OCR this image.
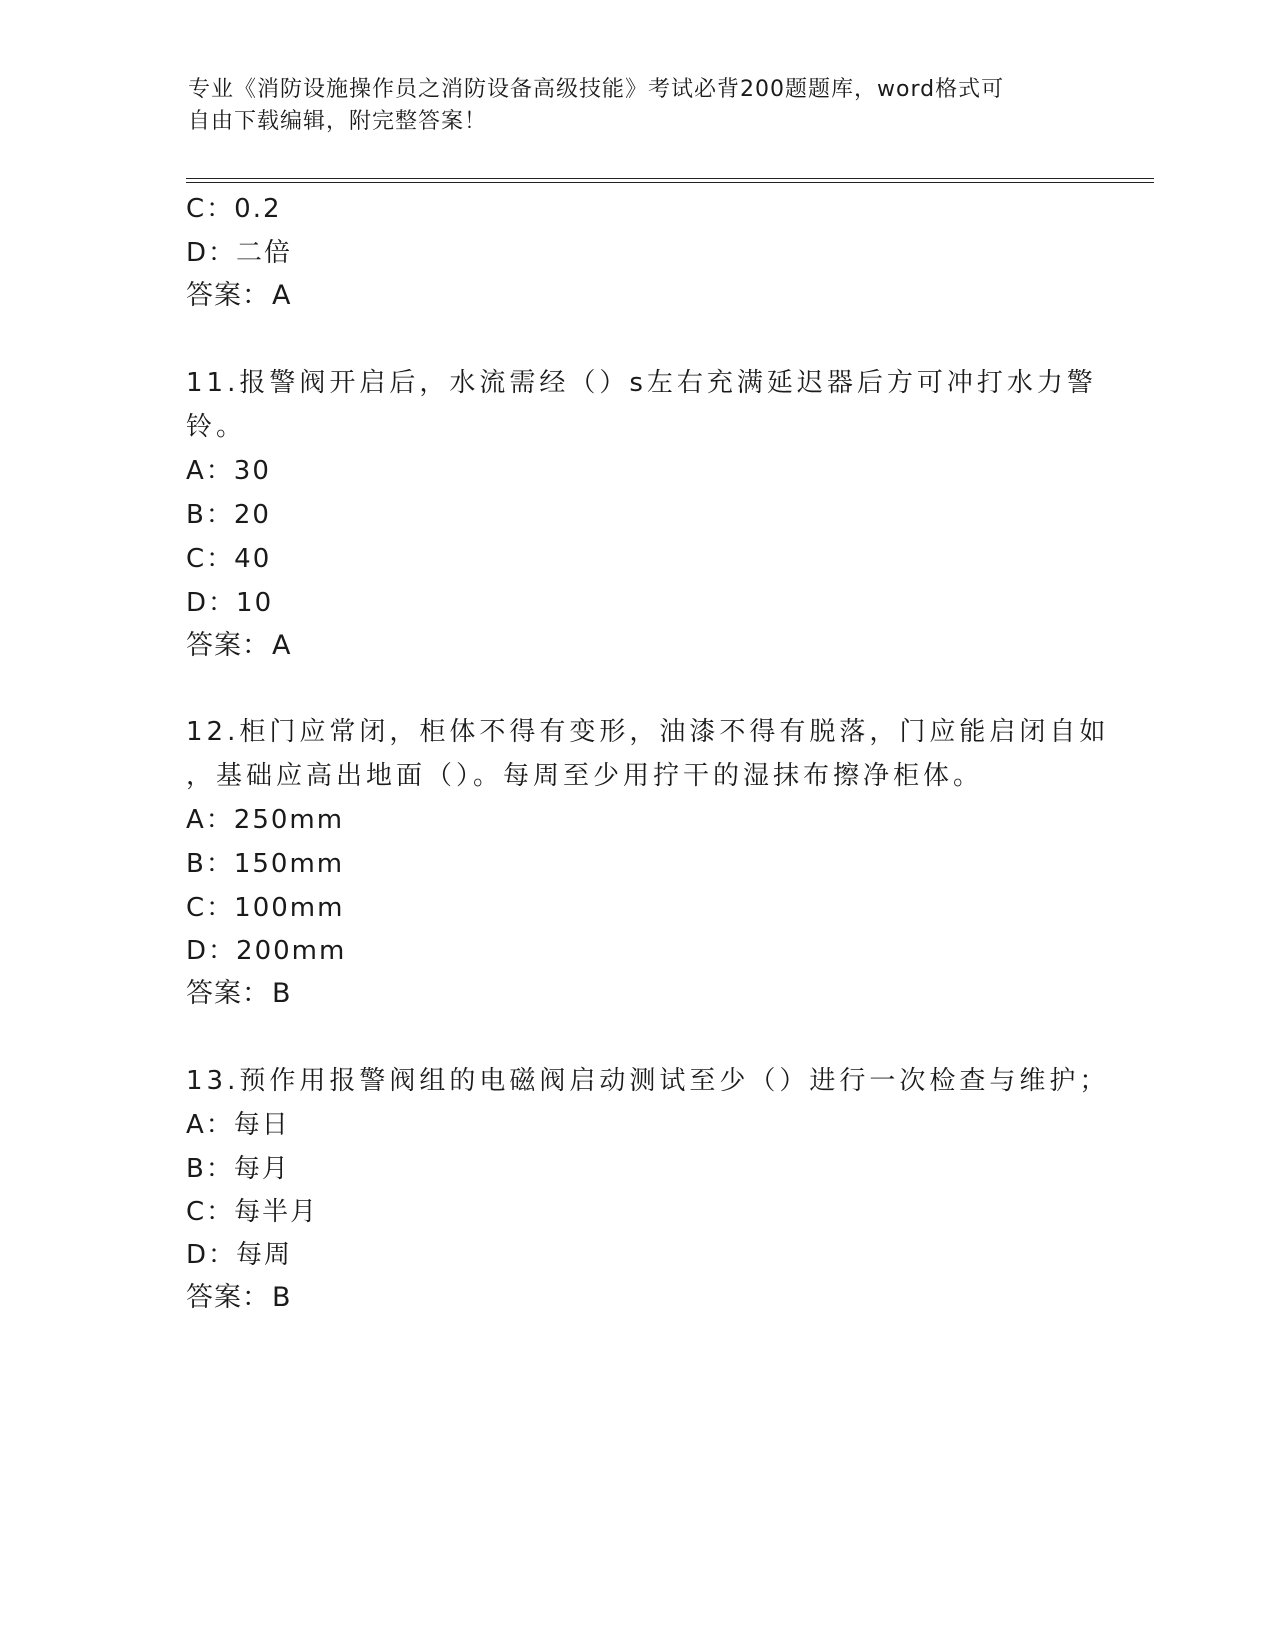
专业《消防设施操作员之消防设备高级技能》考试必背200题题库，word格式可
自由下载编辑，附完整答案！
C：0.2
D：二倍
答案：A
11.报警阀开启后，水流需经（）s左右充满延迟器后方可冲打水力警
铃。
A：30
B：20
C：40
D：10
答案：A
12.柜门应常闭，柜体不得有变形，油漆不得有脱落，门应能启闭自如
，基础应高出地面（）。每周至少用拧干的湿抹布擦净柜体。
A：250mm
B：150mm
C：100mm
D：200mm
答案：B
13.预作用报警阀组的电磁阀启动测试至少（）进行一次检查与维护；
A：每日
B：每月
C：每半月
D：每周
答案：B
